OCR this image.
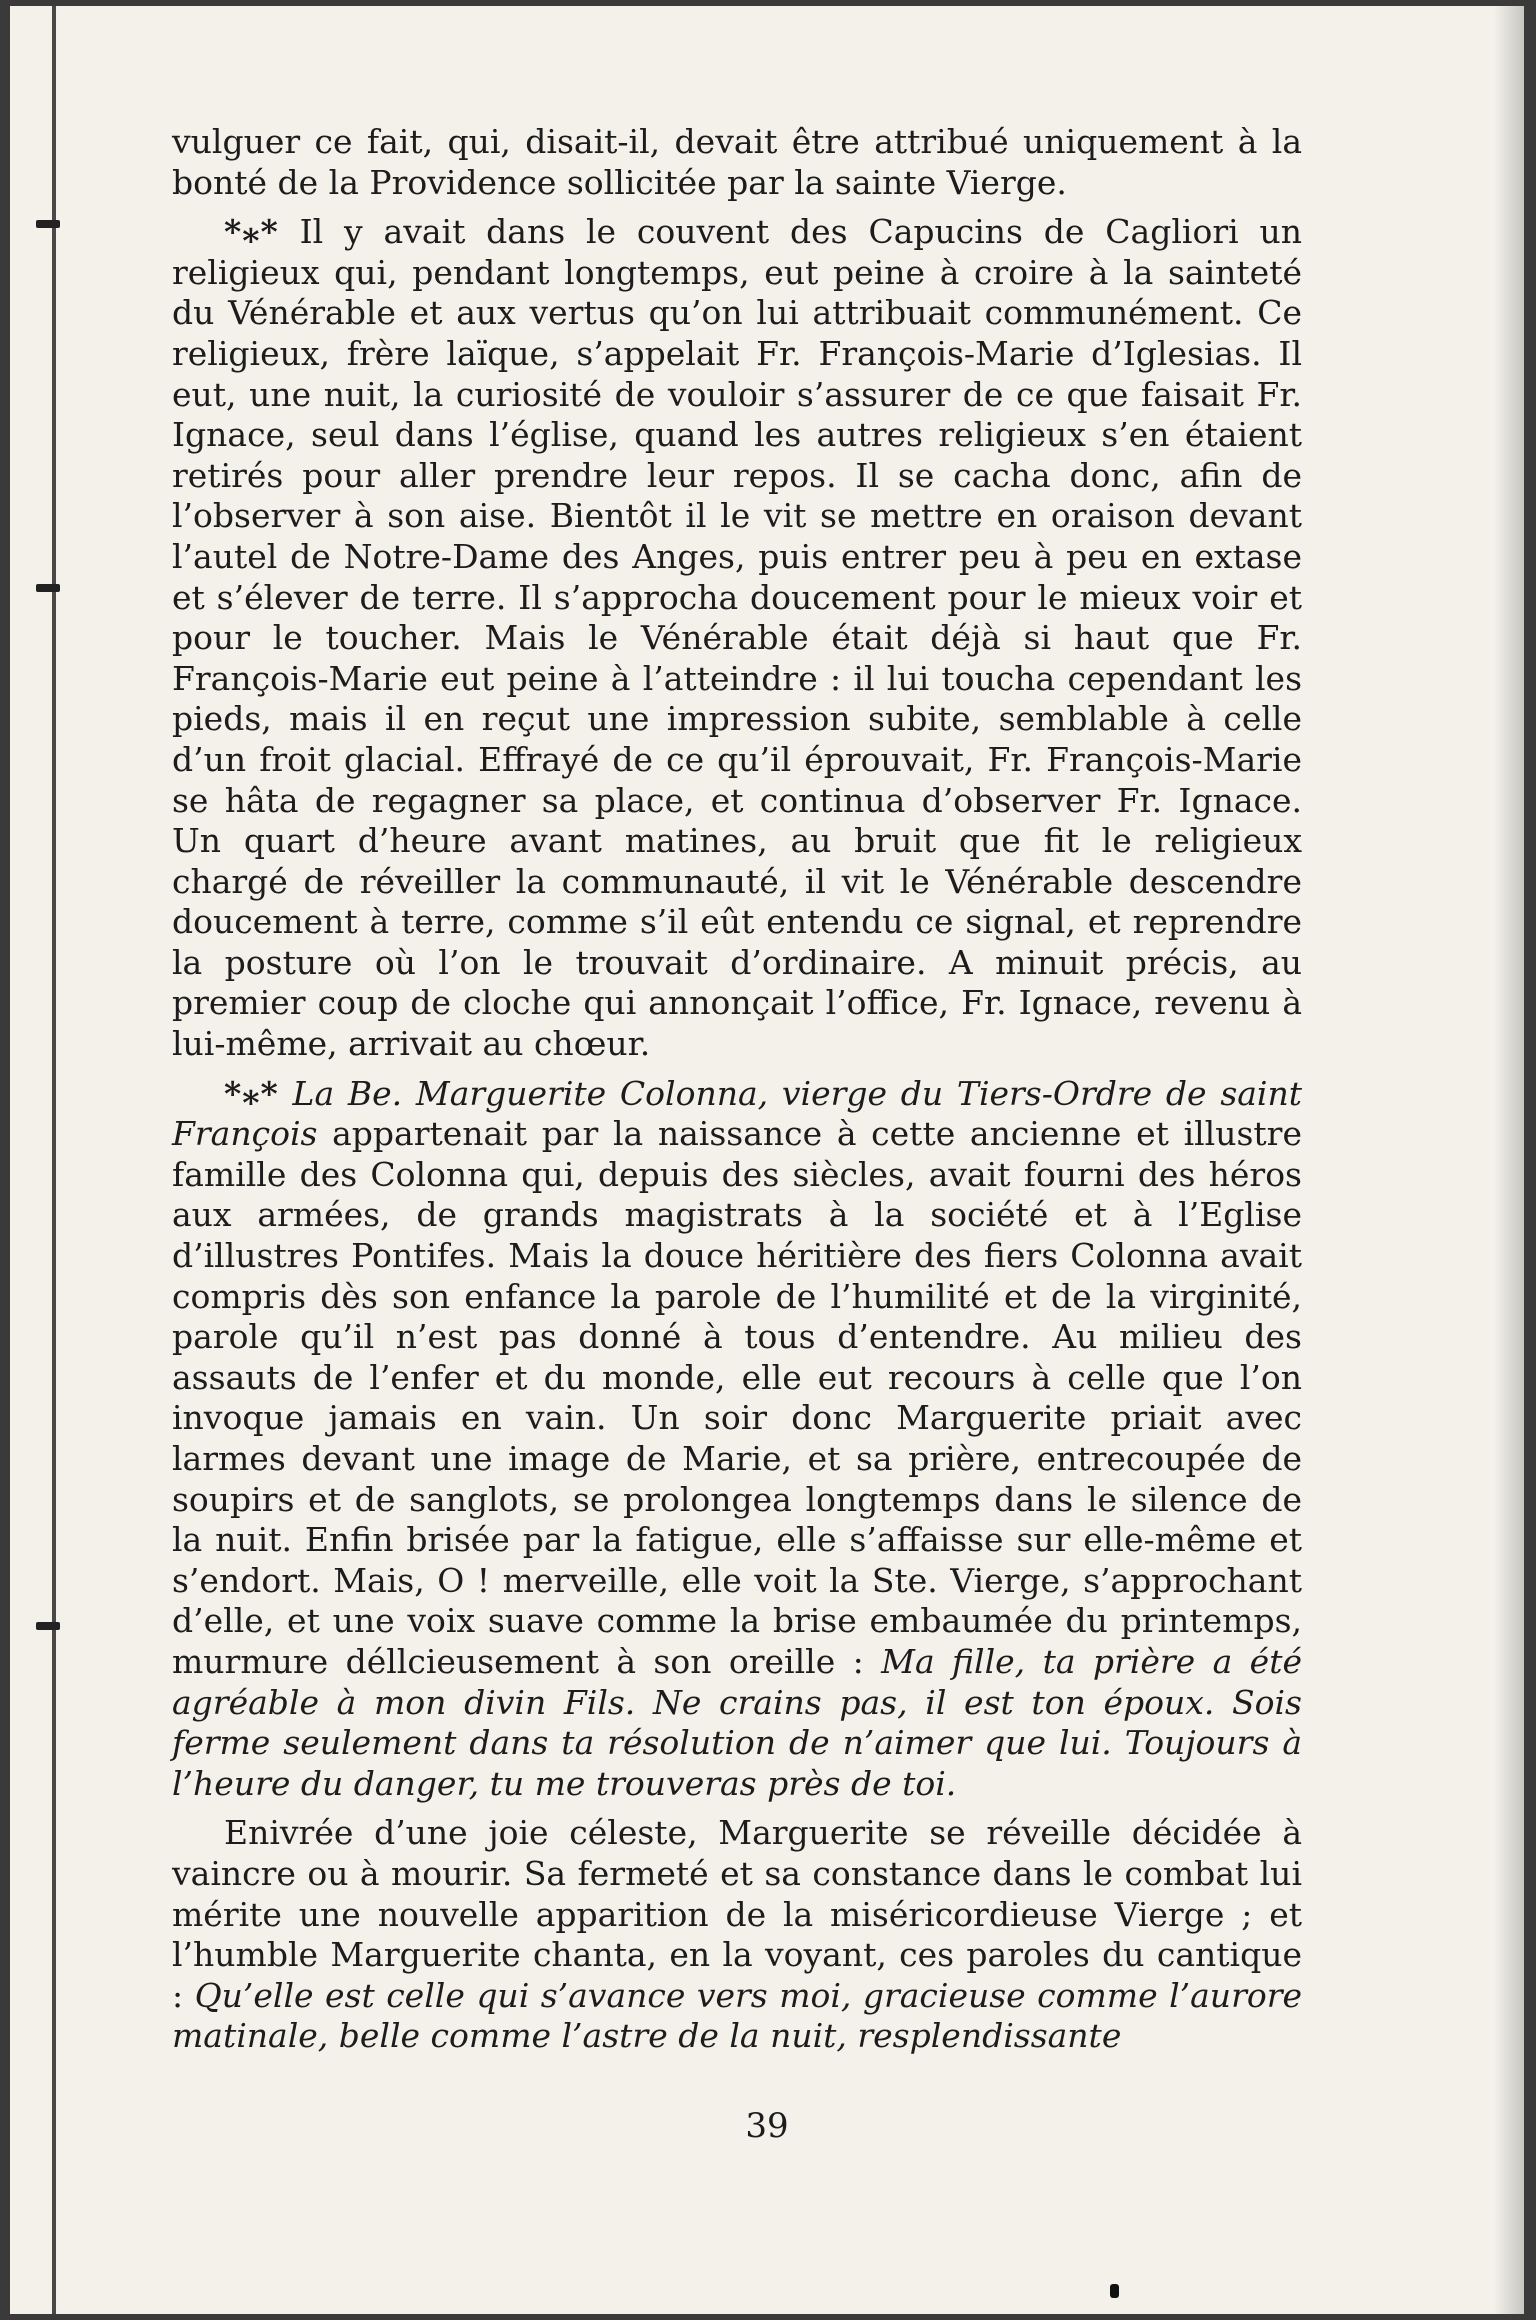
vulguer ce fait, qui, disait-il, devait être attribué uniquement à la bonté de la Providence sollicitée par la sainte Vierge.

*⁎* Il y avait dans le couvent des Capucins de Cagliori un religieux qui, pendant longtemps, eut peine à croire à la sainteté du Vénérable et aux vertus qu’on lui attribuait communément. Ce religieux, frère laïque, s’appelait Fr. François-Marie d’Iglesias. Il eut, une nuit, la curiosité de vouloir s’assurer de ce que faisait Fr. Ignace, seul dans l’église, quand les autres religieux s’en étaient retirés pour aller prendre leur repos. Il se cacha donc, afin de l’observer à son aise. Bientôt il le vit se mettre en oraison devant l’autel de Notre-Dame des Anges, puis entrer peu à peu en extase et s’élever de terre. Il s’approcha doucement pour le mieux voir et pour le toucher. Mais le Vénérable était déjà si haut que Fr. François-Marie eut peine à l’atteindre : il lui toucha cependant les pieds, mais il en reçut une impression subite, semblable à celle d’un froit glacial. Effrayé de ce qu’il éprouvait, Fr. François-Marie se hâta de regagner sa place, et continua d’observer Fr. Ignace. Un quart d’heure avant matines, au bruit que fit le religieux chargé de réveiller la communauté, il vit le Vénérable descendre doucement à terre, comme s’il eût entendu ce signal, et reprendre la posture où l’on le trouvait d’ordinaire. A minuit précis, au premier coup de cloche qui annonçait l’office, Fr. Ignace, revenu à lui-même, arrivait au chœur.

*⁎* La Be. Marguerite Colonna, vierge du Tiers-Ordre de saint François appartenait par la naissance à cette ancienne et illustre famille des Colonna qui, depuis des siècles, avait fourni des héros aux armées, de grands magistrats à la société et à l’Eglise d’illustres Pontifes. Mais la douce héritière des fiers Colonna avait compris dès son enfance la parole de l’humilité et de la virginité, parole qu’il n’est pas donné à tous d’entendre. Au milieu des assauts de l’enfer et du monde, elle eut recours à celle que l’on invoque jamais en vain. Un soir donc Marguerite priait avec larmes devant une image de Marie, et sa prière, entrecoupée de soupirs et de sanglots, se prolongea longtemps dans le silence de la nuit. Enfin brisée par la fatigue, elle s’affaisse sur elle-même et s’endort. Mais, O ! merveille, elle voit la Ste. Vierge, s’approchant d’elle, et une voix suave comme la brise embaumée du printemps, murmure déllcieusement à son oreille : Ma fille, ta prière a été agréable à mon divin Fils. Ne crains pas, il est ton époux. Sois ferme seulement dans ta résolution de n’aimer que lui. Toujours à l’heure du danger, tu me trouveras près de toi.

Enivrée d’une joie céleste, Marguerite se réveille décidée à vaincre ou à mourir. Sa fermeté et sa constance dans le combat lui mérite une nouvelle apparition de la miséricordieuse Vierge ; et l’humble Marguerite chanta, en la voyant, ces paroles du cantique : Qu’elle est celle qui s’avance vers moi, gracieuse comme l’aurore matinale, belle comme l’astre de la nuit, resplendissante

39
